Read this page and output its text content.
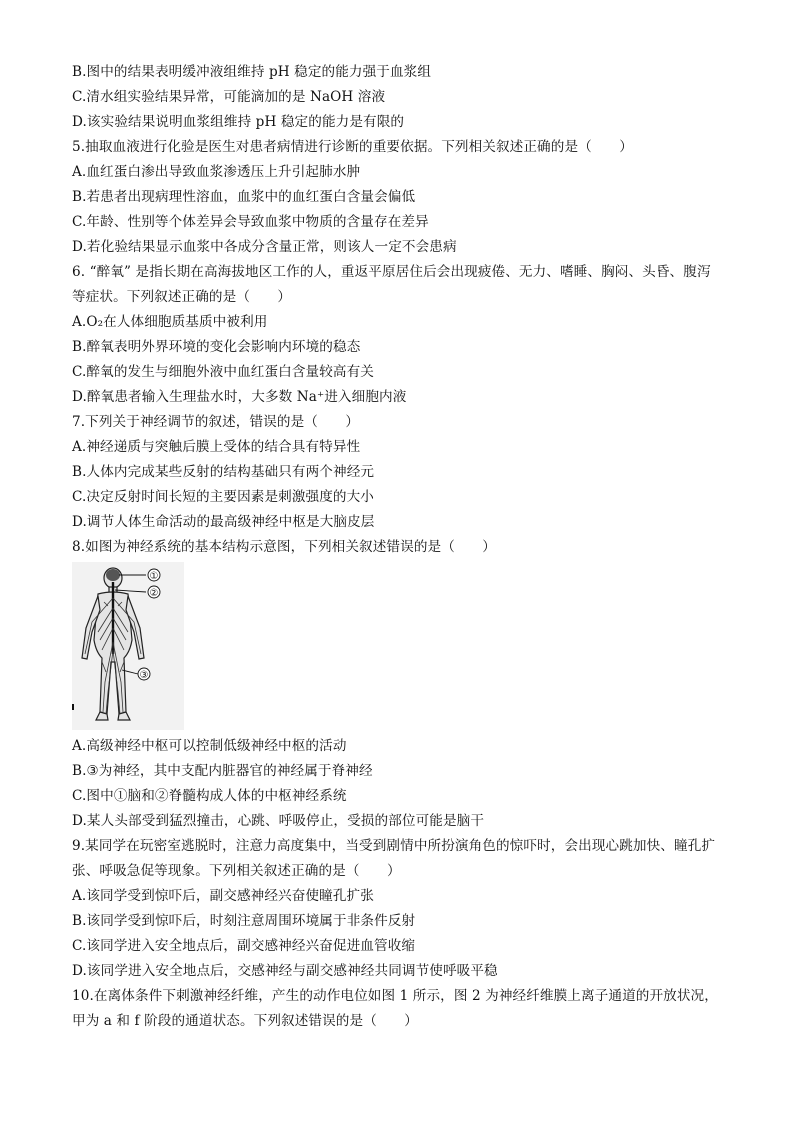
B.图中的结果表明缓冲液组维持 pH 稳定的能力强于血浆组
C.清水组实验结果异常，可能滴加的是 NaOH 溶液
D.该实验结果说明血浆组维持 pH 稳定的能力是有限的
5.抽取血液进行化验是医生对患者病情进行诊断的重要依据。下列相关叙述正确的是（　　）
A.血红蛋白渗出导致血浆渗透压上升引起肺水肿
B.若患者出现病理性溶血，血浆中的血红蛋白含量会偏低
C.年龄、性别等个体差异会导致血浆中物质的含量存在差异
D.若化验结果显示血浆中各成分含量正常，则该人一定不会患病
6. “醉氧” 是指长期在高海拔地区工作的人，重返平原居住后会出现疲倦、无力、嗜睡、胸闷、头昏、腹泻
等症状。下列叙述正确的是（　　）
A.O₂在人体细胞质基质中被利用
B.醉氧表明外界环境的变化会影响内环境的稳态
C.醉氧的发生与细胞外液中血红蛋白含量较高有关
D.醉氧患者输入生理盐水时，大多数 Na⁺进入细胞内液
7.下列关于神经调节的叙述，错误的是（　　）
A.神经递质与突触后膜上受体的结合具有特异性
B.人体内完成某些反射的结构基础只有两个神经元
C.决定反射时间长短的主要因素是刺激强度的大小
D.调节人体生命活动的最高级神经中枢是大脑皮层
8.如图为神经系统的基本结构示意图，下列相关叙述错误的是（　　）
①
②
③
A.高级神经中枢可以控制低级神经中枢的活动
B.③为神经，其中支配内脏器官的神经属于脊神经
C.图中①脑和②脊髓构成人体的中枢神经系统
D.某人头部受到猛烈撞击，心跳、呼吸停止，受损的部位可能是脑干
9.某同学在玩密室逃脱时，注意力高度集中，当受到剧情中所扮演角色的惊吓时，会出现心跳加快、瞳孔扩
张、呼吸急促等现象。下列相关叙述正确的是（　　）
A.该同学受到惊吓后，副交感神经兴奋使瞳孔扩张
B.该同学受到惊吓后，时刻注意周围环境属于非条件反射
C.该同学进入安全地点后，副交感神经兴奋促进血管收缩
D.该同学进入安全地点后，交感神经与副交感神经共同调节使呼吸平稳
10.在离体条件下刺激神经纤维，产生的动作电位如图 1 所示，图 2 为神经纤维膜上离子通道的开放状况，
甲为 a 和 f 阶段的通道状态。下列叙述错误的是（　　）
